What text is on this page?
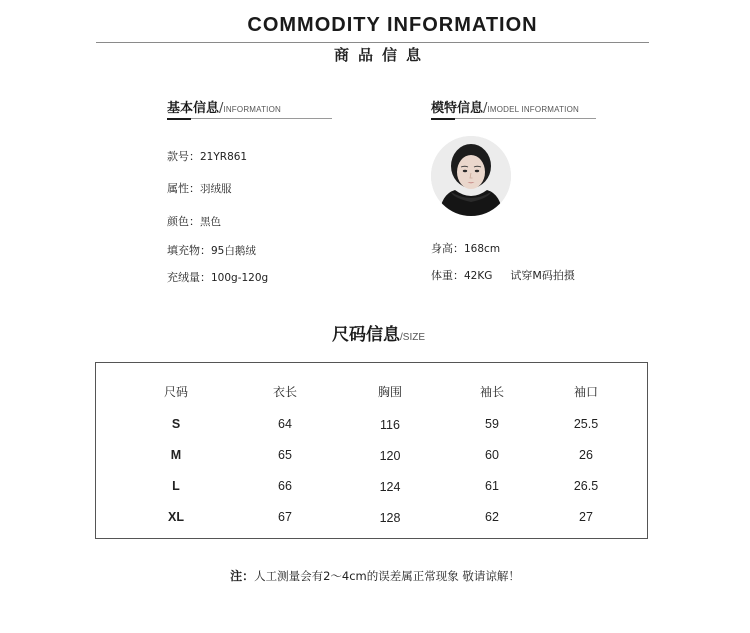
COMMODITY INFORMATION
商品信息
基本信息/INFORMATION
款号：21YR861
属性：羽绒服
颜色：黑色
填充物：95白鹅绒
充绒量：100g-120g
模特信息/IMODEL INFORMATION
身高：168cm
体重：42KG 试穿M码拍摄
尺码信息/SIZE
尺码	衣长	胸围	袖长	袖口
S	64	116	59	25.5
M	65	120	60	26
L	66	124	61	26.5
XL	67	128	62	27
注：人工测量会有2～4cm的误差属正常现象 敬请谅解！
